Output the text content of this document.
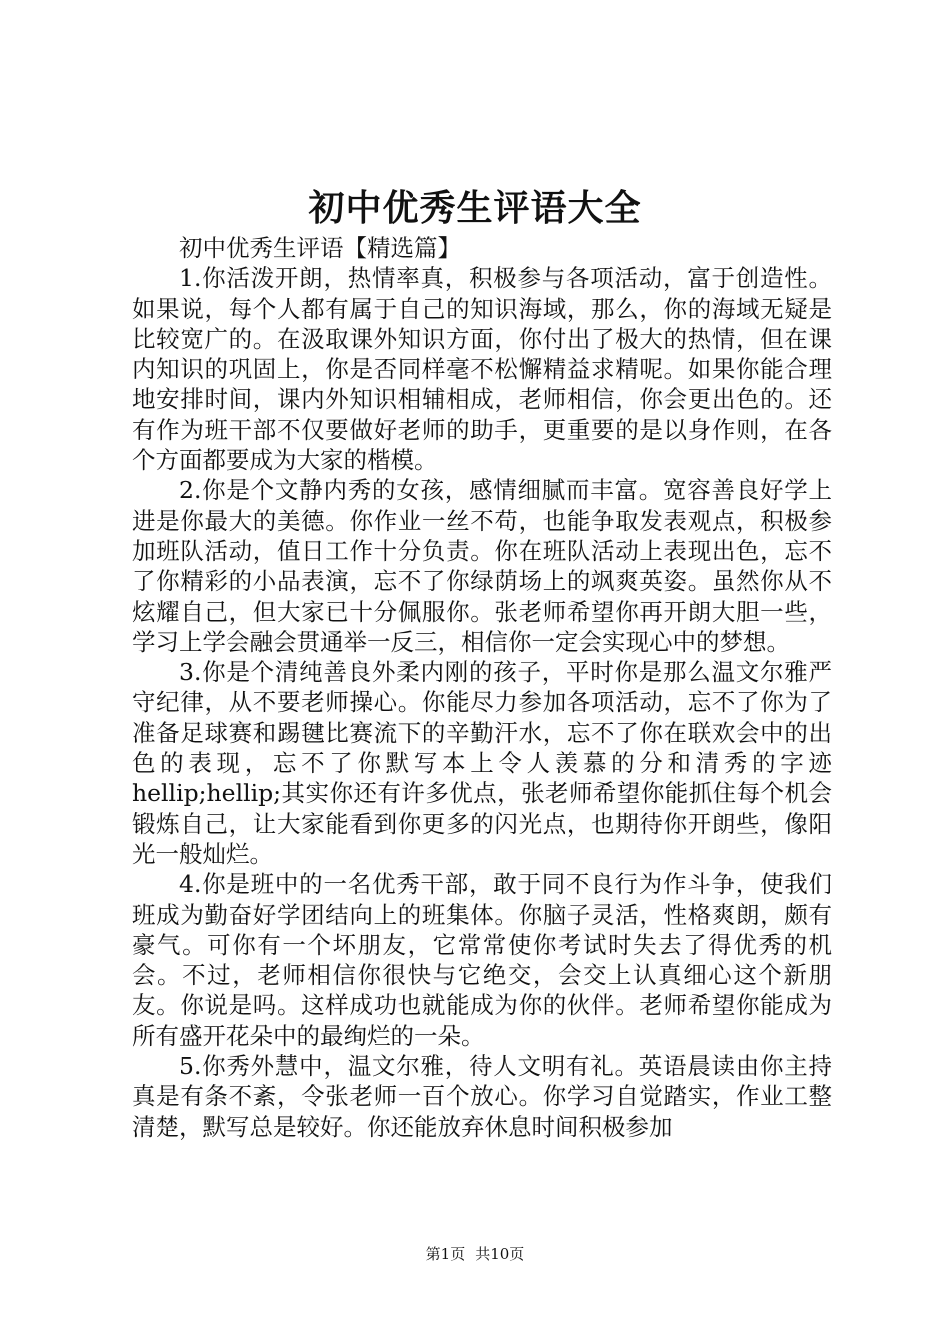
初中优秀生评语大全

初中优秀生评语【精选篇】

1.你活泼开朗，热情率真，积极参与各项活动，富于创造性。如果说，每个人都有属于自己的知识海域，那么，你的海域无疑是比较宽广的。在汲取课外知识方面，你付出了极大的热情，但在课内知识的巩固上，你是否同样毫不松懈精益求精呢。如果你能合理地安排时间，课内外知识相辅相成，老师相信，你会更出色的。还有作为班干部不仅要做好老师的助手，更重要的是以身作则，在各个方面都要成为大家的楷模。

2.你是个文静内秀的女孩，感情细腻而丰富。宽容善良好学上进是你最大的美德。你作业一丝不苟，也能争取发表观点，积极参加班队活动，值日工作十分负责。你在班队活动上表现出色，忘不了你精彩的小品表演，忘不了你绿荫场上的飒爽英姿。虽然你从不炫耀自己，但大家已十分佩服你。张老师希望你再开朗大胆一些，学习上学会融会贯通举一反三，相信你一定会实现心中的梦想。

3.你是个清纯善良外柔内刚的孩子，平时你是那么温文尔雅严守纪律，从不要老师操心。你能尽力参加各项活动，忘不了你为了准备足球赛和踢毽比赛流下的辛勤汗水，忘不了你在联欢会中的出色的表现，忘不了你默写本上令人羡慕的分和清秀的字迹hellip;hellip;其实你还有许多优点，张老师希望你能抓住每个机会锻炼自己，让大家能看到你更多的闪光点，也期待你开朗些，像阳光一般灿烂。

4.你是班中的一名优秀干部，敢于同不良行为作斗争，使我们班成为勤奋好学团结向上的班集体。你脑子灵活，性格爽朗，颇有豪气。可你有一个坏朋友，它常常使你考试时失去了得优秀的机会。不过，老师相信你很快与它绝交，会交上认真细心这个新朋友。你说是吗。这样成功也就能成为你的伙伴。老师希望你能成为所有盛开花朵中的最绚烂的一朵。

5.你秀外慧中，温文尔雅，待人文明有礼。英语晨读由你主持真是有条不紊，令张老师一百个放心。你学习自觉踏实，作业工整清楚，默写总是较好。你还能放弃休息时间积极参加

第1页 共10页
